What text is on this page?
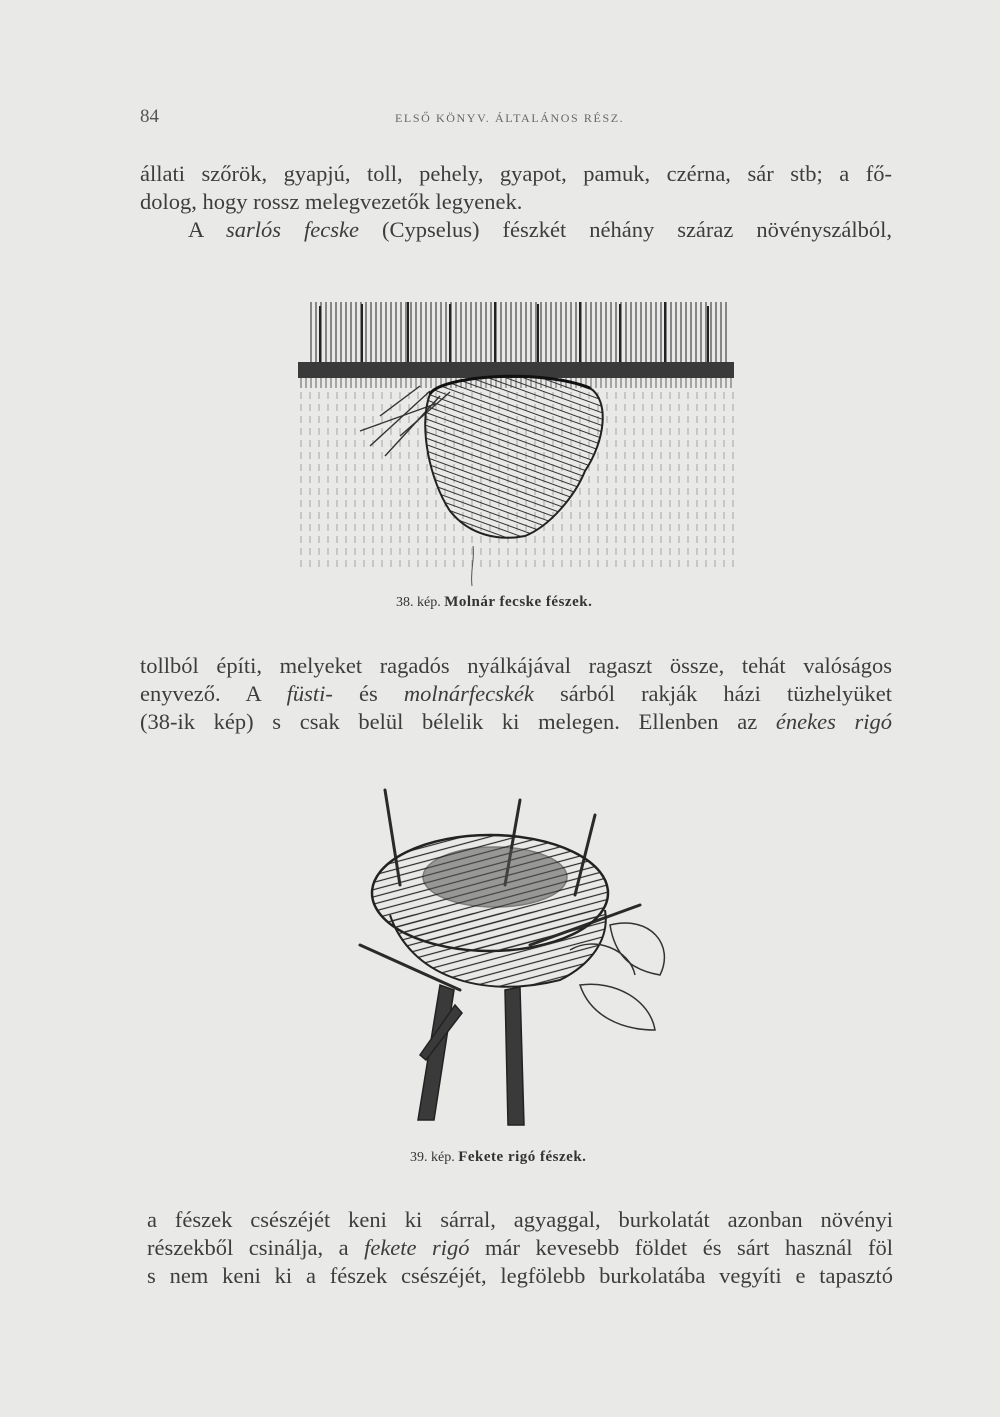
84	ELSŐ KÖNYV. ÁLTALÁNOS RÉSZ.
állati szőrök, gyapjú, toll, pehely, gyapot, pamuk, czérna, sár stb; a fő-
dolog, hogy rossz melegvezetők legyenek.
A sarlós fecske (Cypselus) fészkét néhány száraz növényszálból,
38. kép. Molnár fecske fészek.
tollból építi, melyeket ragadós nyálkájával ragaszt össze, tehát valóságos
enyvező. A füsti- és molnárfecskék sárból rakják házi tüzhelyüket
(38-ik kép) s csak belül bélelik ki melegen. Ellenben az énekes rigó
39. kép. Fekete rigó fészek.
a fészek csészéjét keni ki sárral, agyaggal, burkolatát azonban növényi
részekből csinálja, a fekete rigó már kevesebb földet és sárt használ föl
s nem keni ki a fészek csészéjét, legfölebb burkolatába vegyíti e tapasztó
